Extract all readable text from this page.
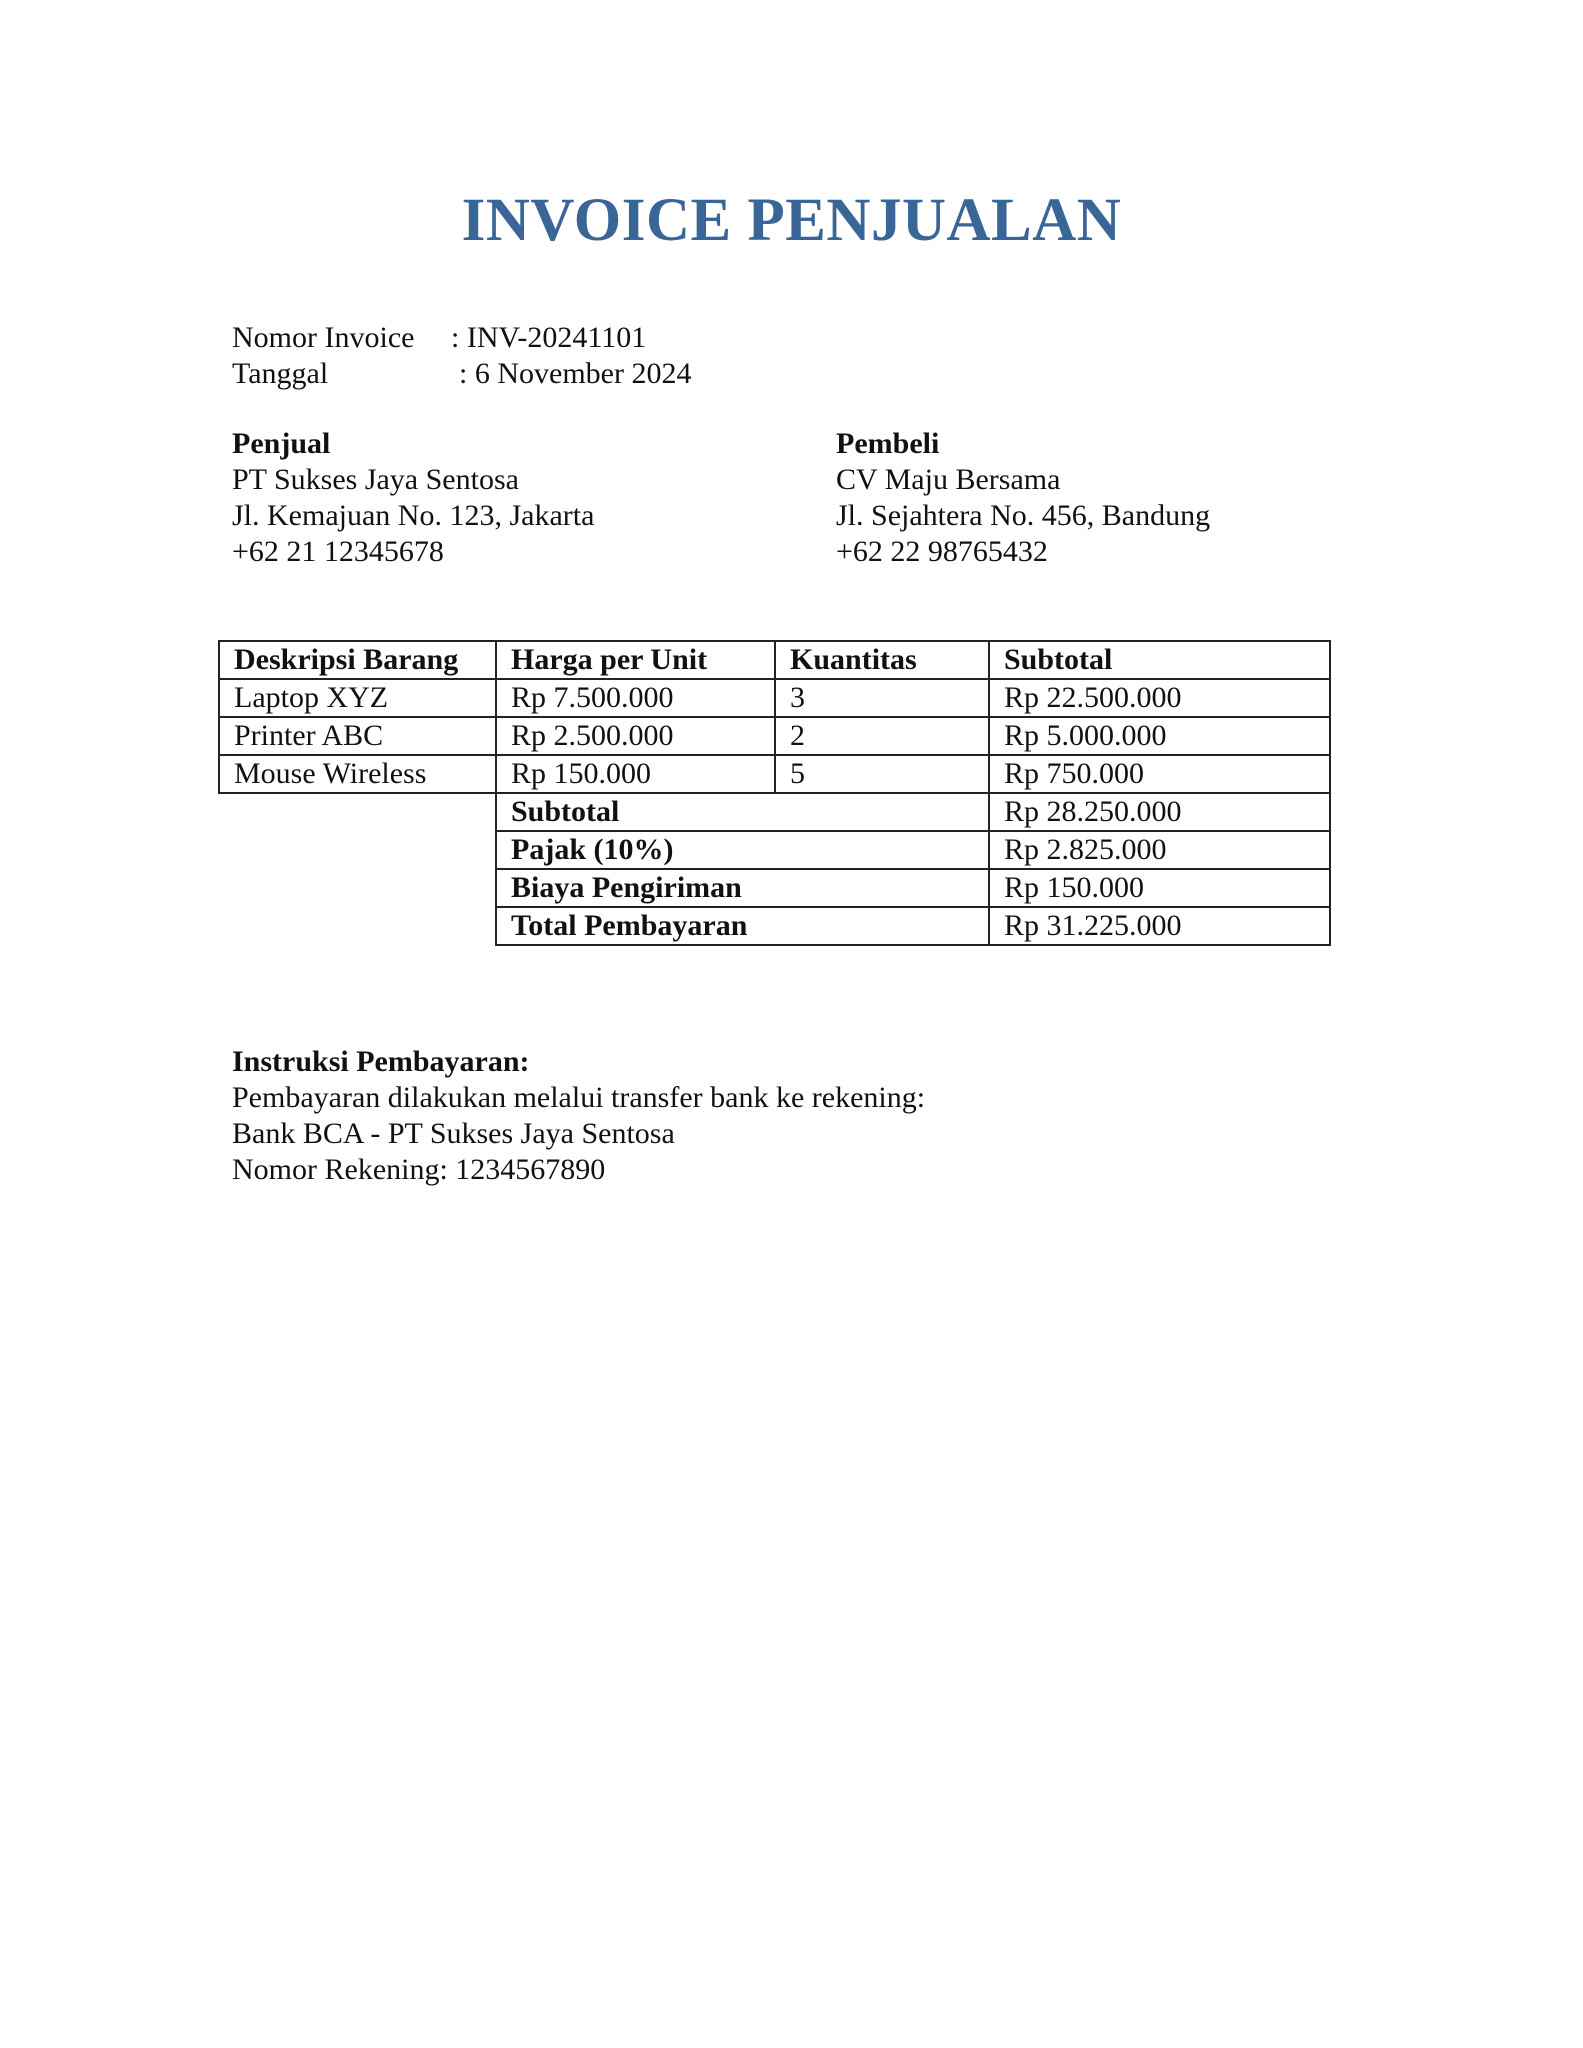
INVOICE PENJUALAN
Nomor Invoice	: INV-20241101
Tanggal	: 6 November 2024
Penjual
PT Sukses Jaya Sentosa
Jl. Kemajuan No. 123, Jakarta
+62 21 12345678
Pembeli
CV Maju Bersama
Jl. Sejahtera No. 456, Bandung
+62 22 98765432
Deskripsi Barang	Harga per Unit	Kuantitas	Subtotal
Laptop XYZ	Rp 7.500.000	3	Rp 22.500.000
Printer ABC	Rp 2.500.000	2	Rp 5.000.000
Mouse Wireless	Rp 150.000	5	Rp 750.000
	Subtotal		Rp 28.250.000
	Pajak (10%)		Rp 2.825.000
	Biaya Pengiriman		Rp 150.000
	Total Pembayaran		Rp 31.225.000
Instruksi Pembayaran:
Pembayaran dilakukan melalui transfer bank ke rekening:
Bank BCA - PT Sukses Jaya Sentosa
Nomor Rekening: 1234567890
